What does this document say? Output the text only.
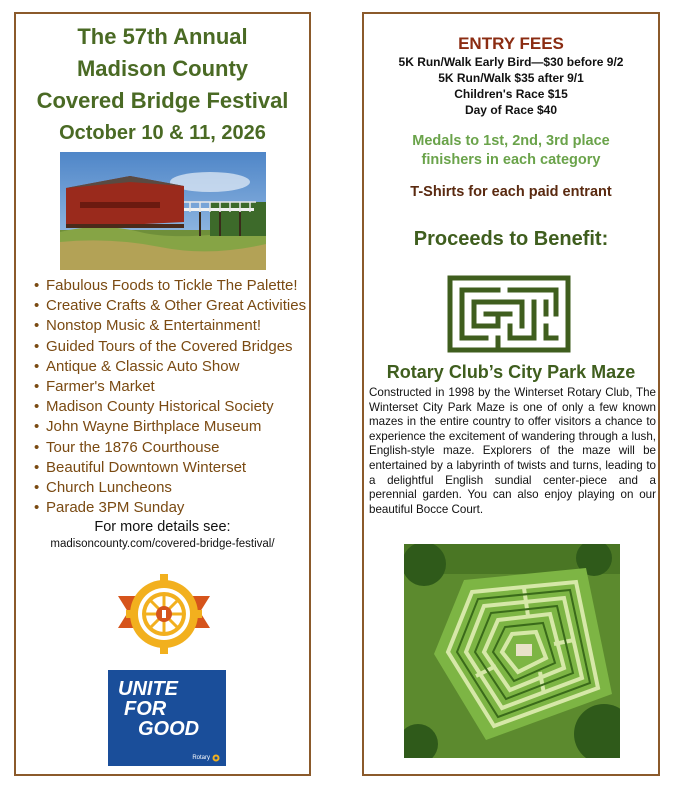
The 57th Annual
Madison County
Covered Bridge Festival
October 10 & 11, 2026
• Fabulous Foods to Tickle The Palette!
• Creative Crafts & Other Great Activities
• Nonstop Music & Entertainment!
• Guided Tours of the Covered Bridges
• Antique & Classic Auto Show
• Farmer's Market
• Madison County Historical Society
• John Wayne Birthplace Museum
• Tour the 1876 Courthouse
• Beautiful Downtown Winterset
• Church Luncheons
• Parade 3PM Sunday
For more details see:
madisoncounty.com/covered-bridge-festival/
UNITE
FOR
GOOD
Rotary
ENTRY FEES
5K Run/Walk Early Bird—$30 before 9/2
5K Run/Walk $35 after 9/1
Children's Race $15
Day of Race $40
Medals to 1st, 2nd, 3rd place
finishers in each category
T-Shirts for each paid entrant
Proceeds to Benefit:
Rotary Club’s City Park Maze
Constructed in 1998 by the Winterset Rotary Club, The Winterset City Park Maze is one of only a few known mazes in the entire country to offer visitors a chance to experience the excitement of wandering through a lush, English-style maze. Explorers of the maze will be entertained by a labyrinth of twists and turns, leading to a delightful English sundial center-piece and a perennial garden. You can also enjoy playing on our beautiful Bocce Court.
